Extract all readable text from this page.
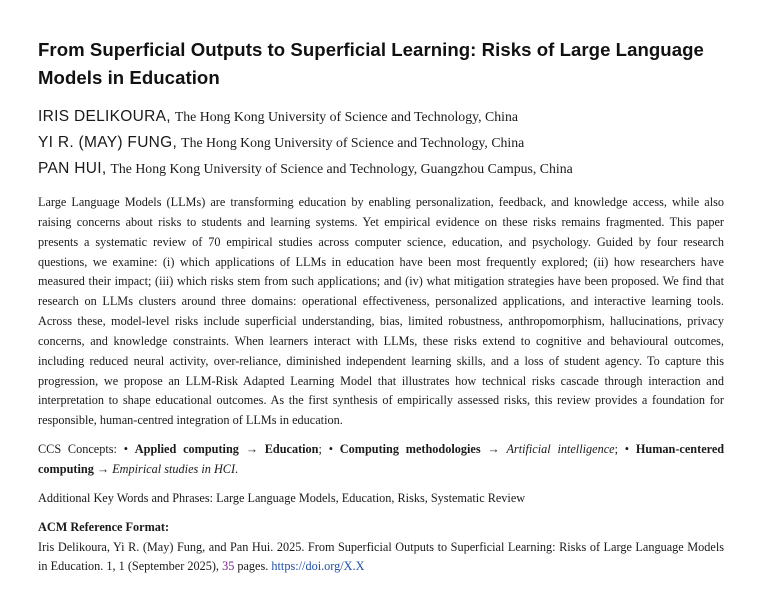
From Superficial Outputs to Superficial Learning: Risks of Large Language Models in Education
IRIS DELIKOURA, The Hong Kong University of Science and Technology, China
YI R. (MAY) FUNG, The Hong Kong University of Science and Technology, China
PAN HUI, The Hong Kong University of Science and Technology, Guangzhou Campus, China

Large Language Models (LLMs) are transforming education by enabling personalization, feedback, and knowledge access, while also raising concerns about risks to students and learning systems. Yet empirical evidence on these risks remains fragmented. This paper presents a systematic review of 70 empirical studies across computer science, education, and psychology. Guided by four research questions, we examine: (i) which applications of LLMs in education have been most frequently explored; (ii) how researchers have measured their impact; (iii) which risks stem from such applications; and (iv) what mitigation strategies have been proposed. We find that research on LLMs clusters around three domains: operational effectiveness, personalized applications, and interactive learning tools. Across these, model-level risks include superficial understanding, bias, limited robustness, anthropomorphism, hallucinations, privacy concerns, and knowledge constraints. When learners interact with LLMs, these risks extend to cognitive and behavioural outcomes, including reduced neural activity, over-reliance, diminished independent learning skills, and a loss of student agency. To capture this progression, we propose an LLM-Risk Adapted Learning Model that illustrates how technical risks cascade through interaction and interpretation to shape educational outcomes. As the first synthesis of empirically assessed risks, this review provides a foundation for responsible, human-centred integration of LLMs in education.

CCS Concepts: • Applied computing → Education; • Computing methodologies → Artificial intelligence; • Human-centered computing → Empirical studies in HCI.
Additional Key Words and Phrases: Large Language Models, Education, Risks, Systematic Review
ACM Reference Format:
Iris Delikoura, Yi R. (May) Fung, and Pan Hui. 2025. From Superficial Outputs to Superficial Learning: Risks of Large Language Models in Education. 1, 1 (September 2025), 35 pages. https://doi.org/X.X
